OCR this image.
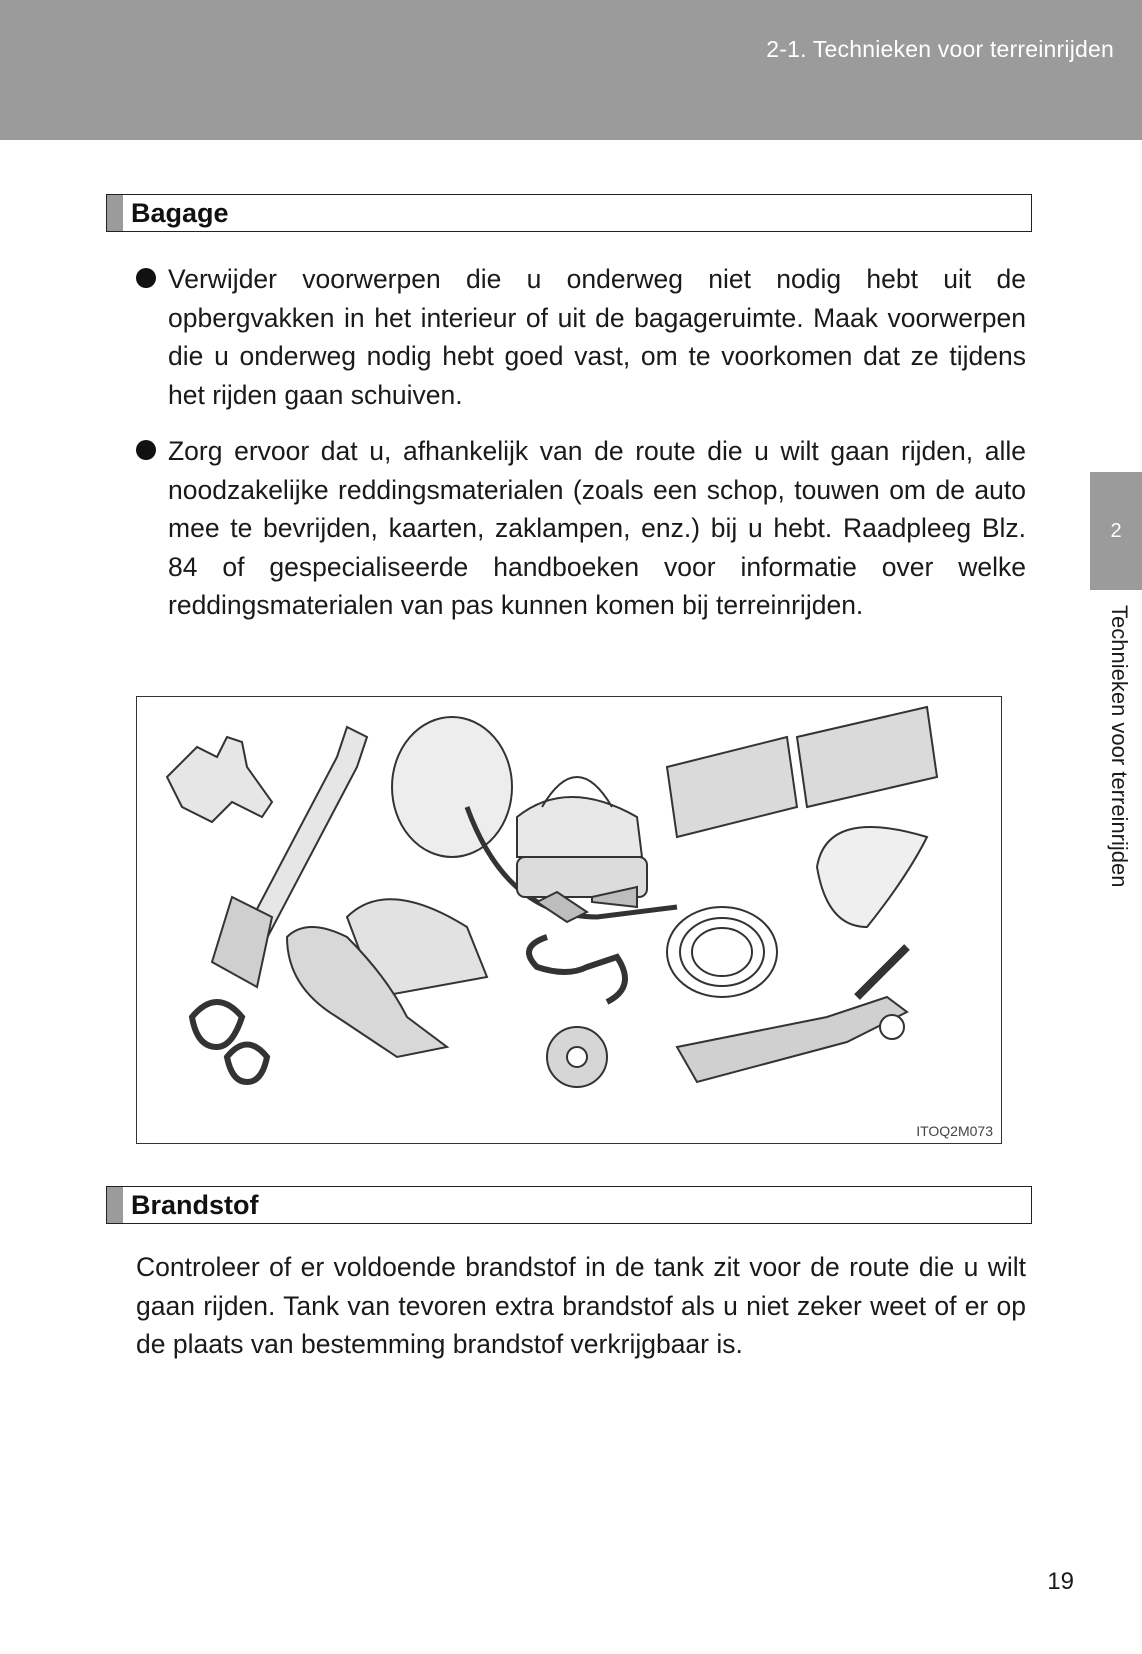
2-1. Technieken voor terreinrijden
2
Technieken voor terreinrijden
Bagage
Verwijder voorwerpen die u onderweg niet nodig hebt uit de opbergvakken in het interieur of uit de bagageruimte. Maak voorwerpen die u onderweg nodig hebt goed vast, om te voorkomen dat ze tijdens het rijden gaan schuiven.
Zorg ervoor dat u, afhankelijk van de route die u wilt gaan rijden, alle noodzakelijke reddingsmaterialen (zoals een schop, touwen om de auto mee te bevrijden, kaarten, zaklampen, enz.) bij u hebt. Raadpleeg Blz. 84 of gespecialiseerde handboeken voor informatie over welke reddingsmaterialen van pas kunnen komen bij terreinrijden.
ITOQ2M073
Brandstof
Controleer of er voldoende brandstof in de tank zit voor de route die u wilt gaan rijden. Tank van tevoren extra brandstof als u niet zeker weet of er op de plaats van bestemming brandstof verkrijgbaar is.
19
